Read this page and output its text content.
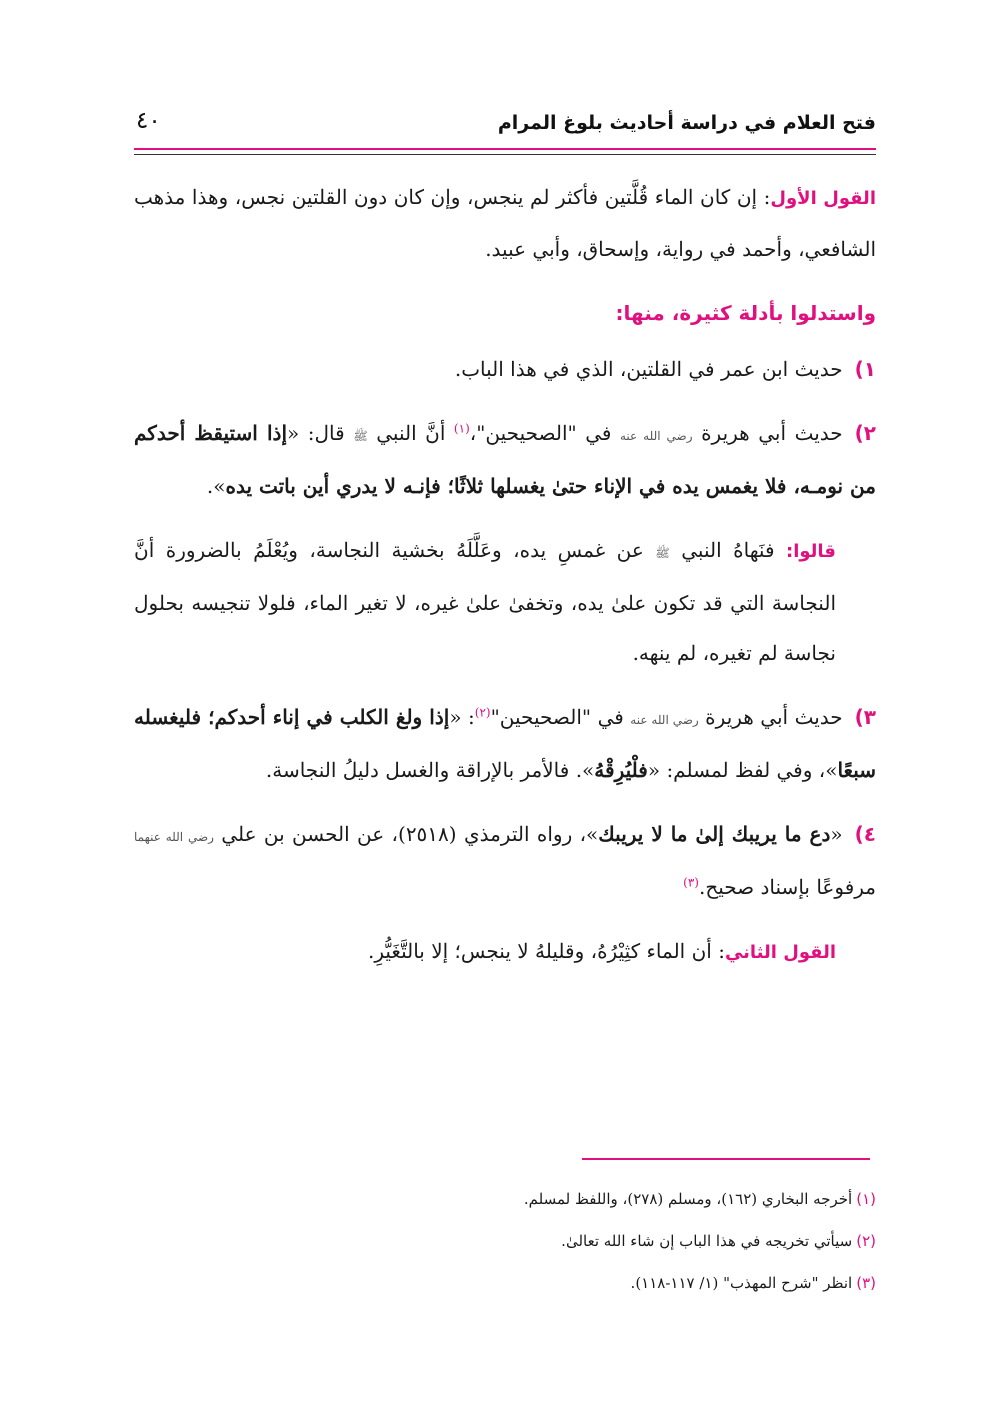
فتح العلام في دراسة أحاديث بلوغ المرام
٤٠

القول الأول: إن كان الماء قُلَّتين فأكثر لم ينجس، وإن كان دون القلتين نجس، وهذا مذهب الشافعي، وأحمد في رواية، وإسحاق، وأبي عبيد.

واستدلوا بأدلة كثيرة، منها:

١)حديث ابن عمر في القلتين، الذي في هذا الباب.

٢)حديث أبي هريرة رضي الله عنه في "الصحيحين"،$^{(١)}$ أنَّ النبي ﷺ قال: «إذا استيقظ أحدكم من نومـه، فلا يغمس يده في الإناء حتىٰ يغسلها ثلاثًا؛ فإنـه لا يدري أين باتت يده».

قالوا: فنَهاهُ النبي ﷺ عن غمسِ يده، وعَلَّلَهُ بخشية النجاسة، ويُعْلَمُ بالضرورة أنَّ النجاسة التي قد تكون علىٰ يده، وتخفىٰ علىٰ غيره، لا تغير الماء، فلولا تنجيسه بحلول نجاسة لم تغيره، لم ينهه.

٣)حديث أبي هريرة رضي الله عنه في "الصحيحين"$^{(٢)}$: «إذا ولغ الكلب في إناء أحدكم؛ فليغسله سبعًا»، وفي لفظ لمسلم: «فلْيُرِقْهُ». فالأمر بالإراقة والغسل دليلُ النجاسة.

٤)«دع ما يريبك إلىٰ ما لا يريبك»، رواه الترمذي (٢٥١٨)، عن الحسن بن علي رضي الله عنهما مرفوعًا بإسناد صحيح.$^{(٣)}$

القول الثاني: أن الماء كثِيْرُهُ، وقليلهُ لا ينجس؛ إلا بالتَّغَيُّرِ.

(١)أخرجه البخاري (١٦٢)، ومسلم (٢٧٨)، واللفظ لمسلم.

(٢)سيأتي تخريجه في هذا الباب إن شاء الله تعالىٰ.

(٣)انظر "شرح المهذب" (١/ ١١٧-١١٨).
